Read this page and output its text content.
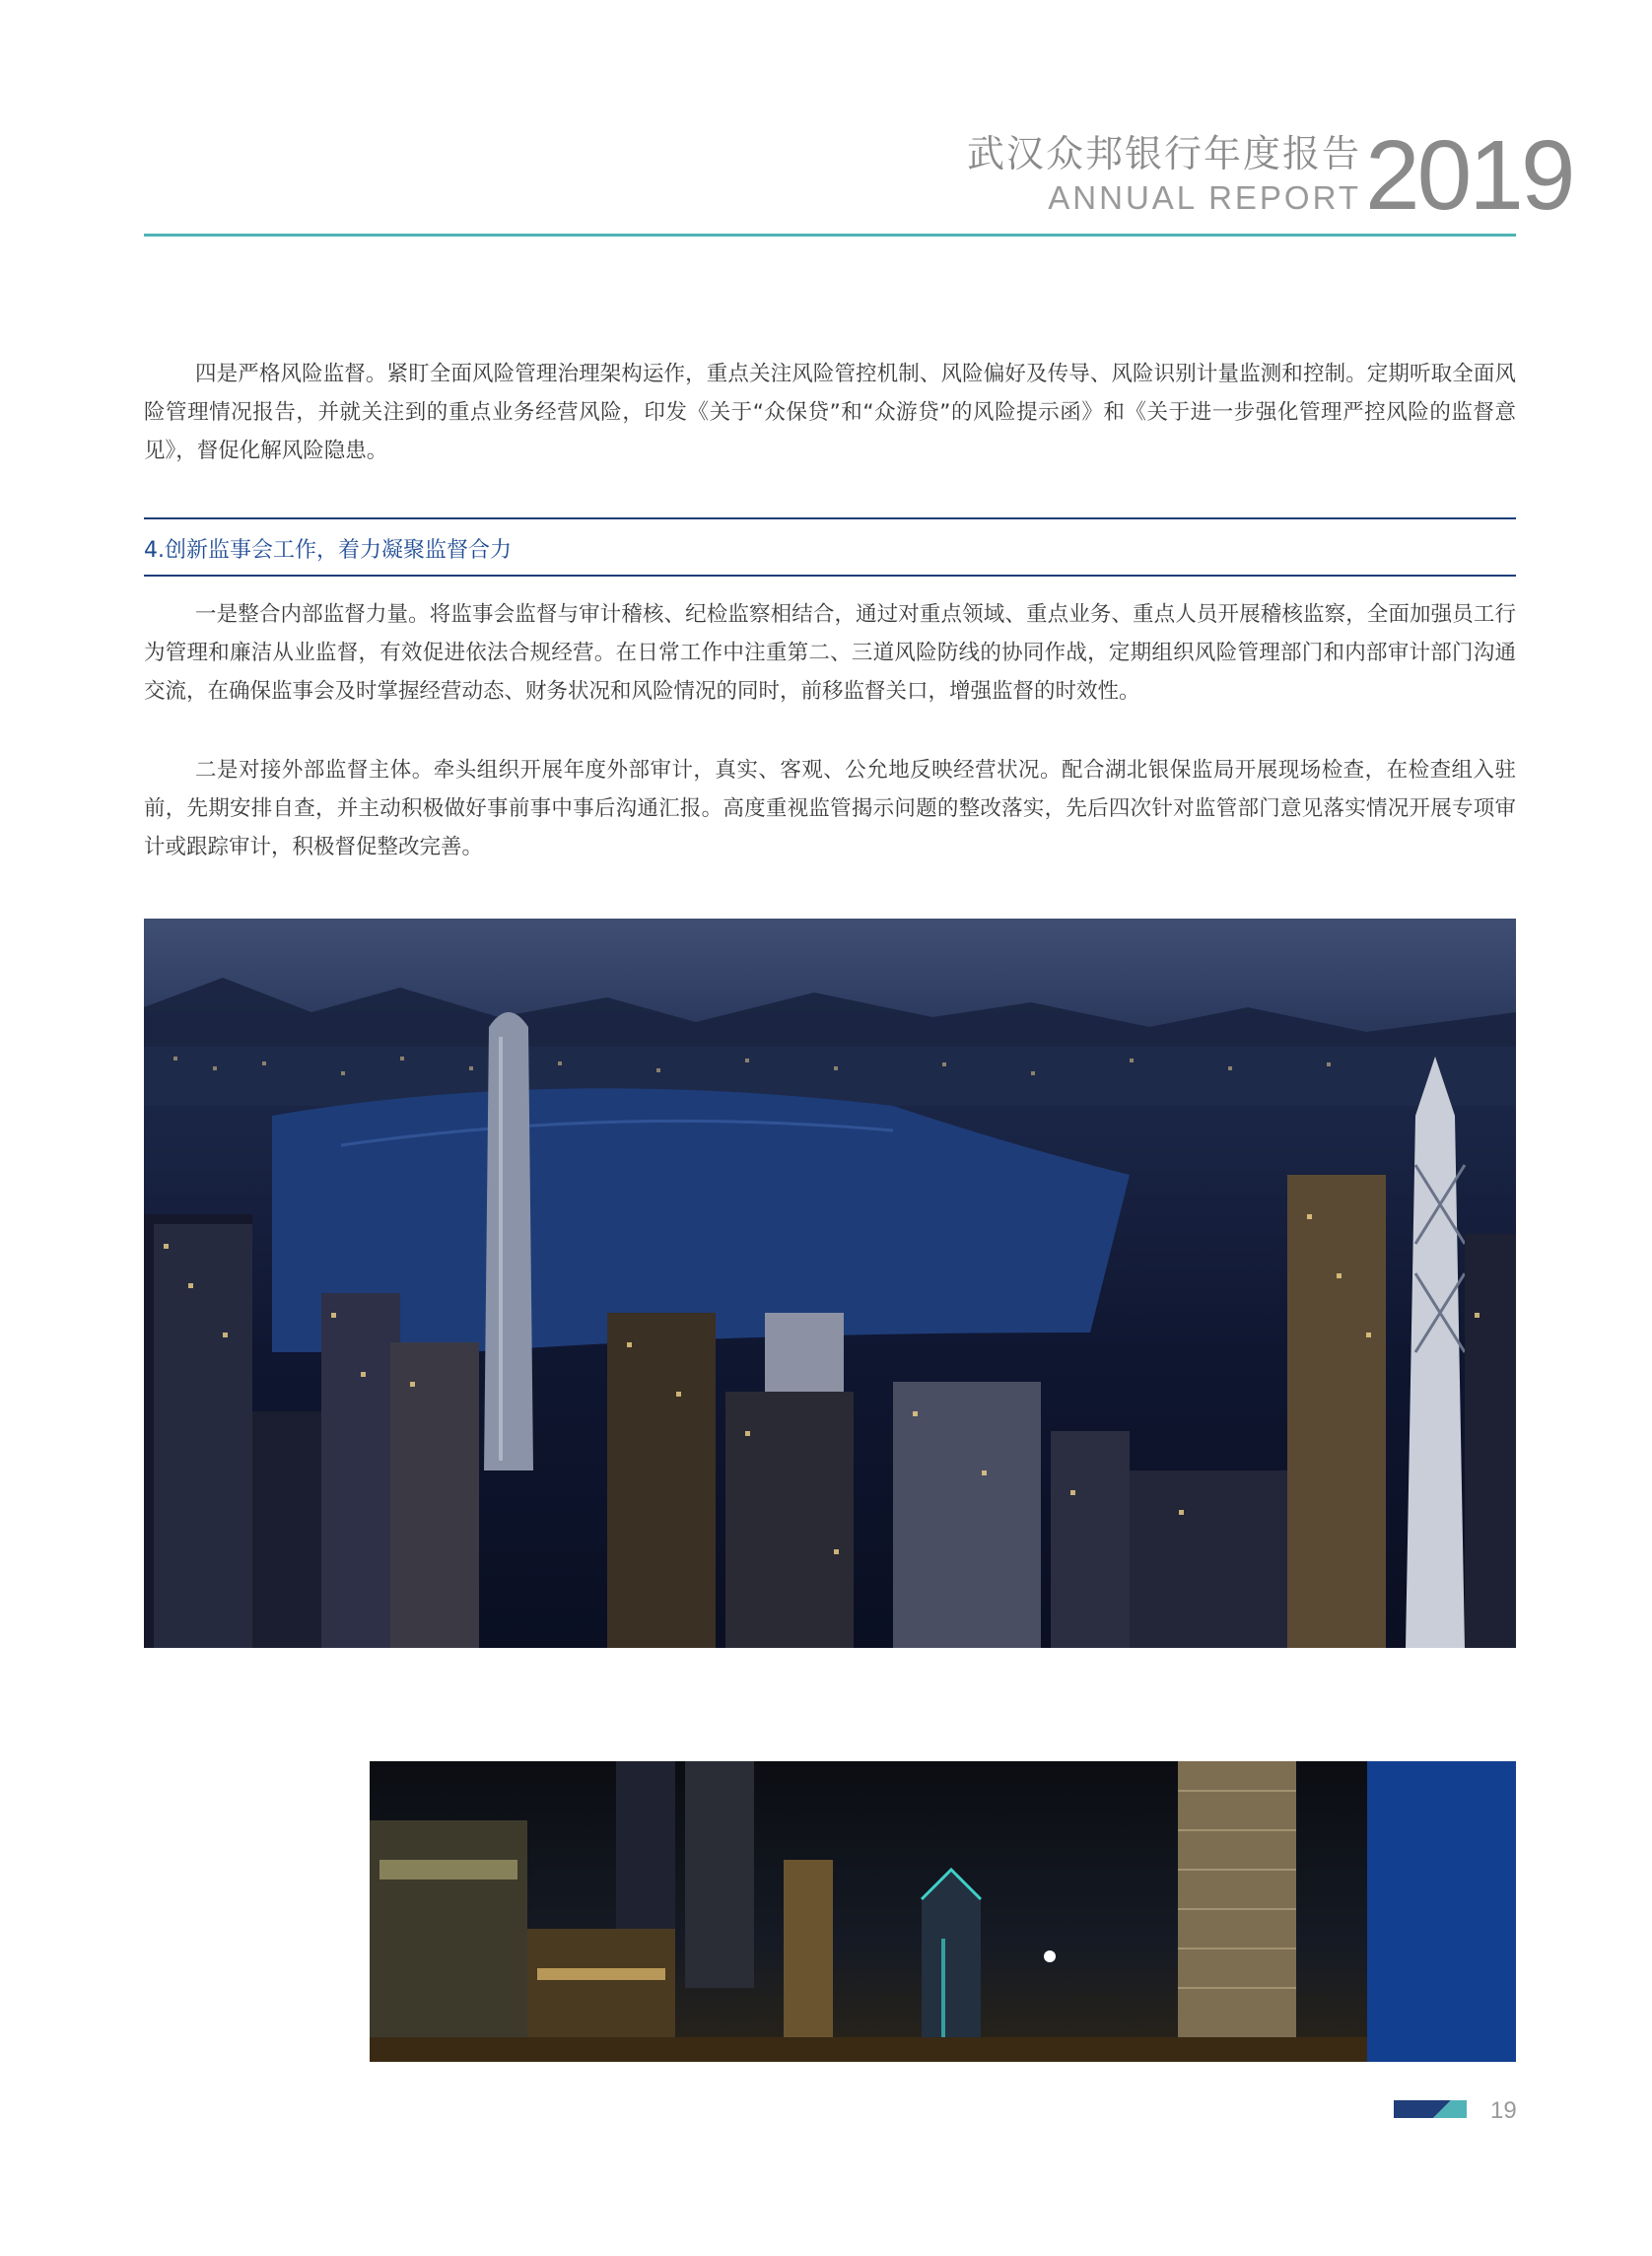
武汉众邦银行年度报告
ANNUAL REPORT 2019

四是严格风险监督。紧盯全面风险管理治理架构运作，重点关注风险管控机制、风险偏好及传导、风险识别计量监测和控制。定期听取全面风险管理情况报告，并就关注到的重点业务经营风险，印发《关于“众保贷”和“众游贷”的风险提示函》和《关于进一步强化管理严控风险的监督意见》，督促化解风险隐患。

4.创新监事会工作，着力凝聚监督合力

一是整合内部监督力量。将监事会监督与审计稽核、纪检监察相结合，通过对重点领域、重点业务、重点人员开展稽核监察，全面加强员工行为管理和廉洁从业监督，有效促进依法合规经营。在日常工作中注重第二、三道风险防线的协同作战，定期组织风险管理部门和内部审计部门沟通交流，在确保监事会及时掌握经营动态、财务状况和风险情况的同时，前移监督关口，增强监督的时效性。

二是对接外部监督主体。牵头组织开展年度外部审计，真实、客观、公允地反映经营状况。配合湖北银保监局开展现场检查，在检查组入驻前，先期安排自查，并主动积极做好事前事中事后沟通汇报。高度重视监管揭示问题的整改落实，先后四次针对监管部门意见落实情况开展专项审计或跟踪审计，积极督促整改完善。

19
